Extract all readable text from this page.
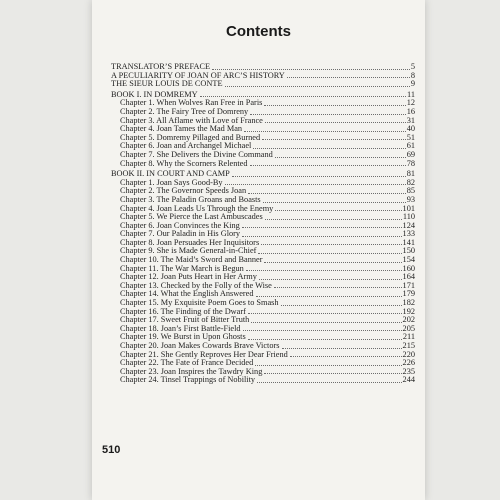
Contents
TRANSLATOR’S PREFACE	5
A PECULIARITY OF JOAN OF ARC’S HISTORY	8
THE SIEUR LOUIS DE CONTE	9
BOOK I. IN DOMREMY	11
Chapter 1. When Wolves Ran Free in Paris	12
Chapter 2. The Fairy Tree of Domreny	16
Chapter 3. All Aflame with Love of France	31
Chapter 4. Joan Tames the Mad Man	40
Chapter 5. Domremy Pillaged and Burned	51
Chapter 6. Joan and Archangel Michael	61
Chapter 7. She Delivers the Divine Command	69
Chapter 8. Why the Scorners Relented	78
BOOK II. IN COURT AND CAMP	81
Chapter 1. Joan Says Good-By	82
Chapter 2. The Governor Speeds Joan	85
Chapter 3. The Paladin Groans and Boasts	93
Chapter 4. Joan Leads Us Through the Enemy	101
Chapter 5. We Pierce the Last Ambuscades	110
Chapter 6. Joan Convinces the King	124
Chapter 7. Our Paladin in His Glory	133
Chapter 8. Joan Persuades Her Inquisitors	141
Chapter 9. She is Made General-in-Chief	150
Chapter 10. The Maid’s Sword and Banner	154
Chapter 11. The War March is Begun	160
Chapter 12. Joan Puts Heart in Her Army	164
Chapter 13. Checked by the Folly of the Wise	171
Chapter 14. What the English Answered	179
Chapter 15. My Exquisite Poem Goes to Smash	182
Chapter 16. The Finding of the Dwarf	192
Chapter 17. Sweet Fruit of Bitter Truth	202
Chapter 18. Joan’s First Battle-Field	205
Chapter 19. We Burst in Upon Ghosts	211
Chapter 20. Joan Makes Cowards Brave Victors	215
Chapter 21. She Gently Reproves Her Dear Friend	220
Chapter 22. The Fate of France Decided	226
Chapter 23. Joan Inspires the Tawdry King	235
Chapter 24. Tinsel Trappings of Nobility	244
510
